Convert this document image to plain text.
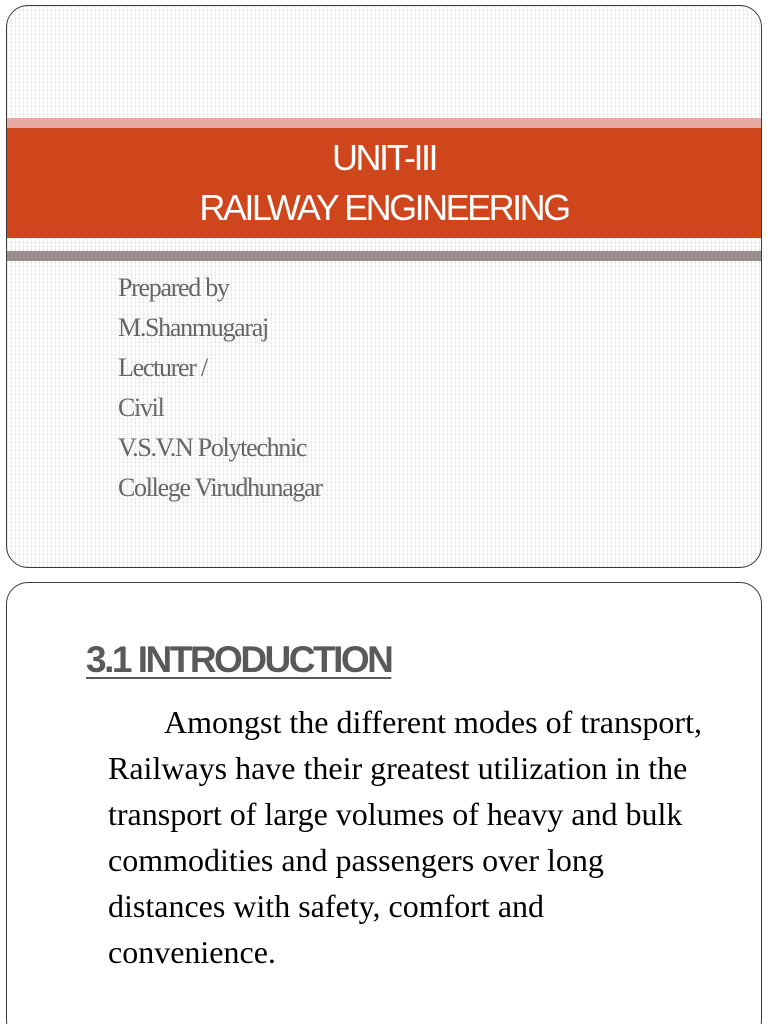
UNIT-III
RAILWAY ENGINEERING
Prepared by
M.Shanmugaraj
Lecturer /
Civil
V.S.V.N Polytechnic
College Virudhunagar
3.1 INTRODUCTION

Amongst the different modes of transport, Railways have their greatest utilization in the transport of large volumes of heavy and bulk commodities and passengers over long distances with safety, comfort and convenience.
